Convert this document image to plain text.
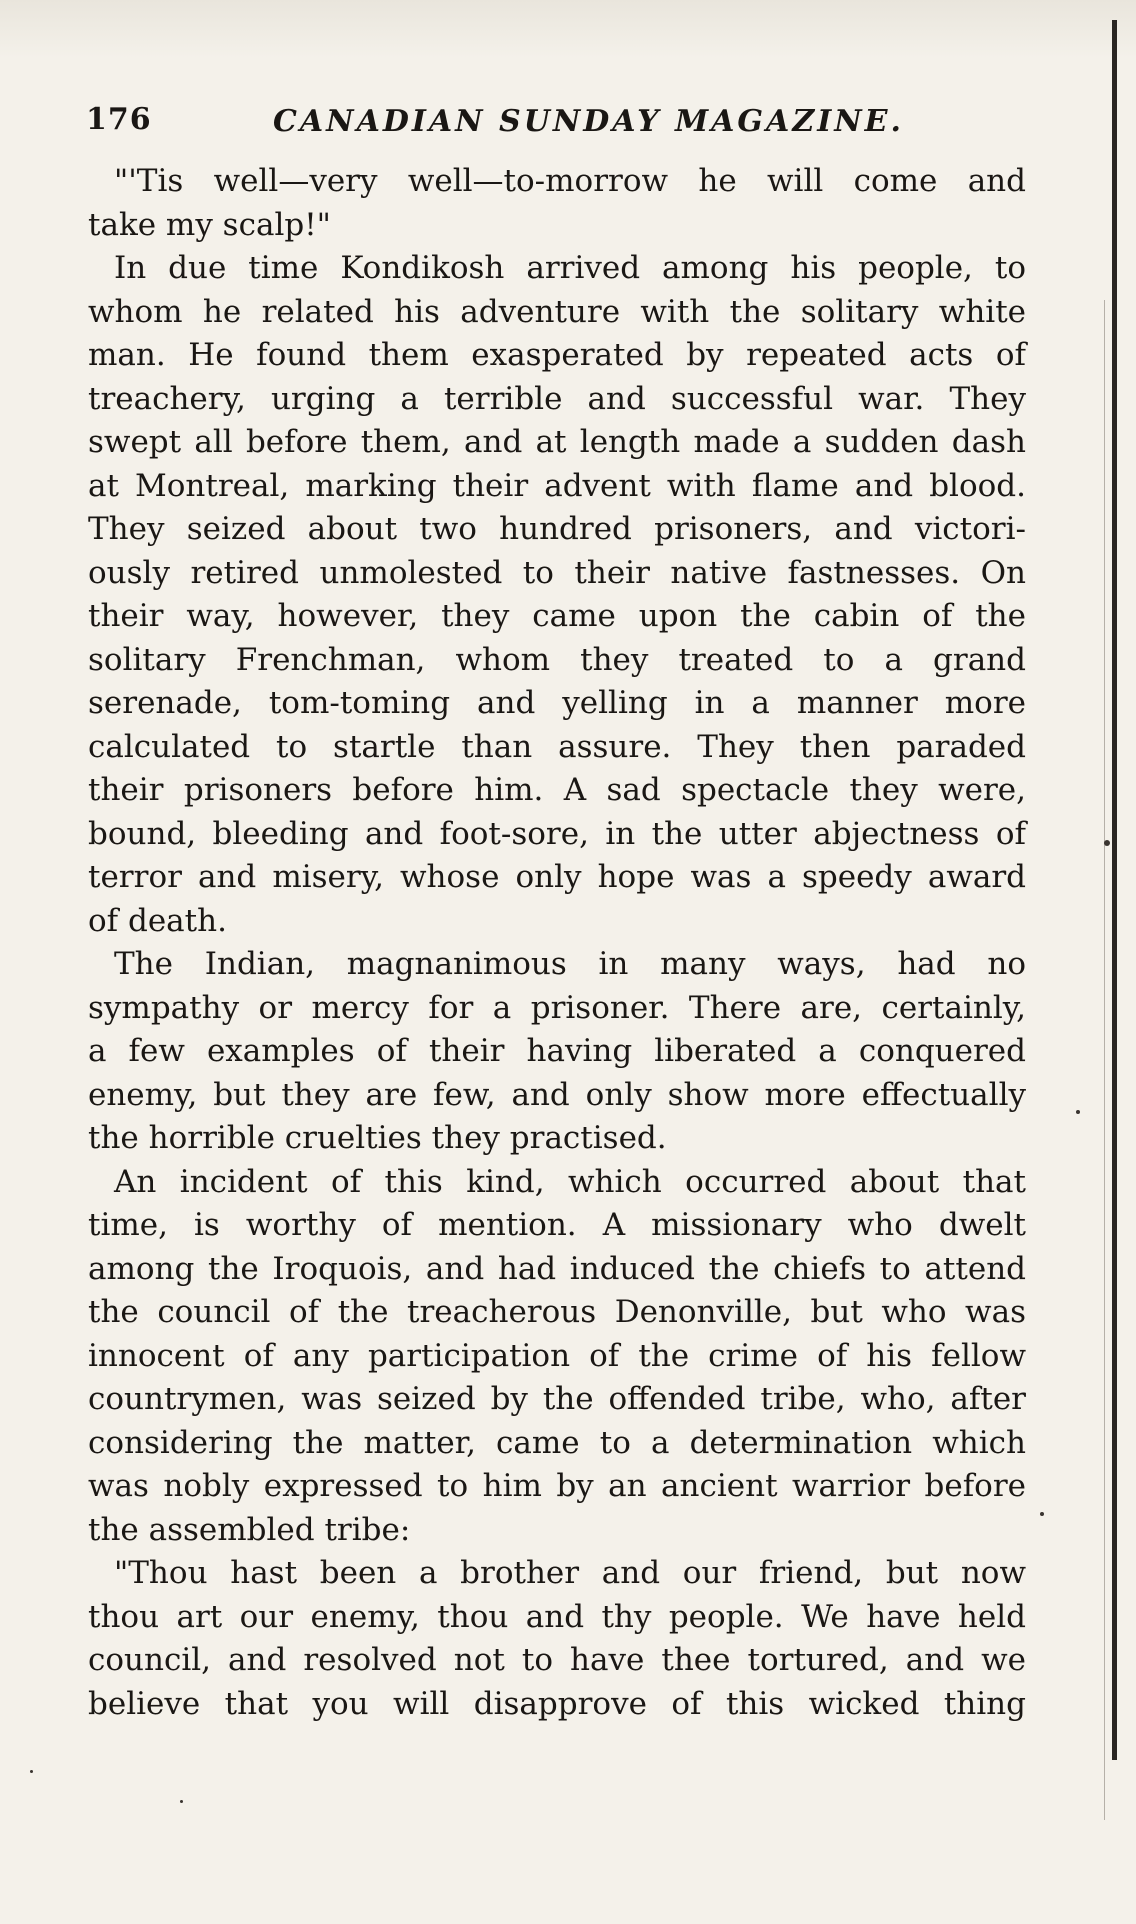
176	CANADIAN SUNDAY MAGAZINE.
"'Tis well—very well—to-morrow he will come and
take my scalp!"
In due time Kondikosh arrived among his people, to
whom he related his adventure with the solitary white
man. He found them exasperated by repeated acts of
treachery, urging a terrible and successful war. They
swept all before them, and at length made a sudden dash
at Montreal, marking their advent with flame and blood.
They seized about two hundred prisoners, and victori-
ously retired unmolested to their native fastnesses. On
their way, however, they came upon the cabin of the
solitary Frenchman, whom they treated to a grand
serenade, tom-toming and yelling in a manner more
calculated to startle than assure. They then paraded
their prisoners before him. A sad spectacle they were,
bound, bleeding and foot-sore, in the utter abjectness of
terror and misery, whose only hope was a speedy award
of death.
The Indian, magnanimous in many ways, had no
sympathy or mercy for a prisoner. There are, certainly,
a few examples of their having liberated a conquered
enemy, but they are few, and only show more effectually
the horrible cruelties they practised.
An incident of this kind, which occurred about that
time, is worthy of mention. A missionary who dwelt
among the Iroquois, and had induced the chiefs to attend
the council of the treacherous Denonville, but who was
innocent of any participation of the crime of his fellow
countrymen, was seized by the offended tribe, who, after
considering the matter, came to a determination which
was nobly expressed to him by an ancient warrior before
the assembled tribe:
"Thou hast been a brother and our friend, but now
thou art our enemy, thou and thy people. We have held
council, and resolved not to have thee tortured, and we
believe that you will disapprove of this wicked thing
